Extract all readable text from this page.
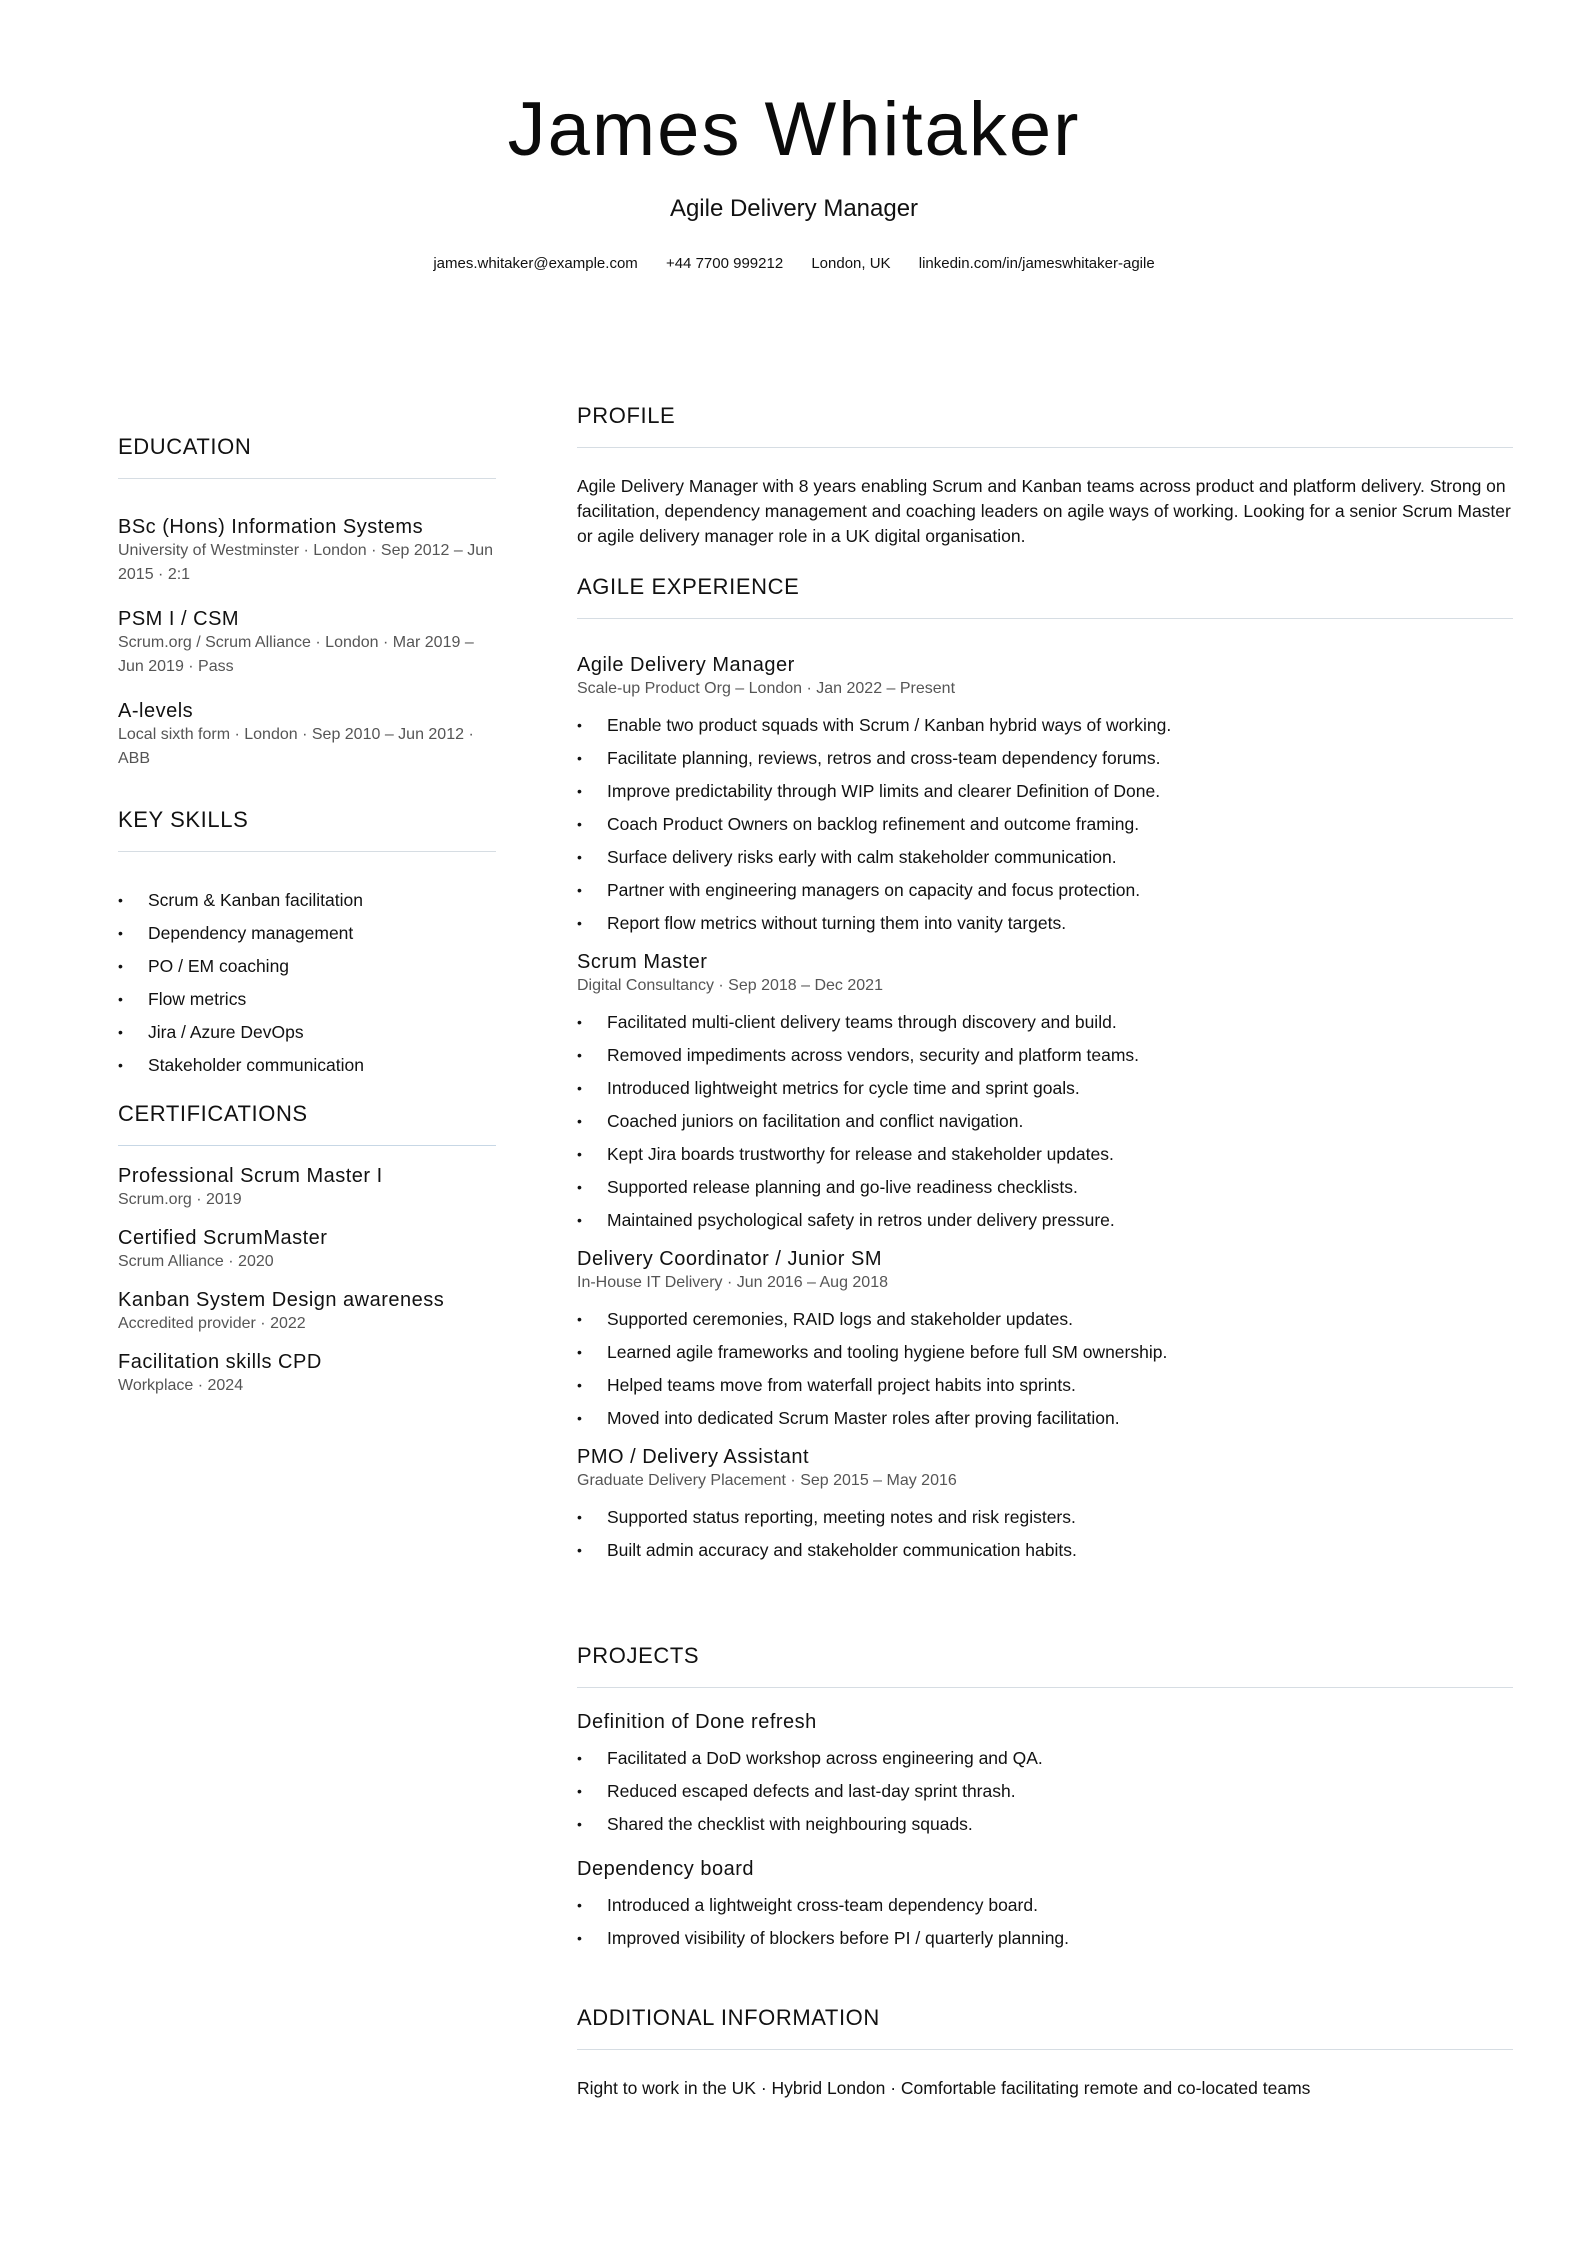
James Whitaker
Agile Delivery Manager
james.whitaker@example.com +44 7700 999212 London, UK linkedin.com/in/jameswhitaker-agile
EDUCATION
BSc (Hons) Information Systems
University of Westminster · London · Sep 2012 – Jun 2015 · 2:1
PSM I / CSM
Scrum.org / Scrum Alliance · London · Mar 2019 – Jun 2019 · Pass
A-levels
Local sixth form · London · Sep 2010 – Jun 2012 · ABB
KEY SKILLS
• Scrum & Kanban facilitation
• Dependency management
• PO / EM coaching
• Flow metrics
• Jira / Azure DevOps
• Stakeholder communication
CERTIFICATIONS
Professional Scrum Master I
Scrum.org · 2019
Certified ScrumMaster
Scrum Alliance · 2020
Kanban System Design awareness
Accredited provider · 2022
Facilitation skills CPD
Workplace · 2024
PROFILE
Agile Delivery Manager with 8 years enabling Scrum and Kanban teams across product and platform delivery. Strong on facilitation, dependency management and coaching leaders on agile ways of working. Looking for a senior Scrum Master or agile delivery manager role in a UK digital organisation.
AGILE EXPERIENCE
Agile Delivery Manager
Scale-up Product Org – London · Jan 2022 – Present
• Enable two product squads with Scrum / Kanban hybrid ways of working.
• Facilitate planning, reviews, retros and cross-team dependency forums.
• Improve predictability through WIP limits and clearer Definition of Done.
• Coach Product Owners on backlog refinement and outcome framing.
• Surface delivery risks early with calm stakeholder communication.
• Partner with engineering managers on capacity and focus protection.
• Report flow metrics without turning them into vanity targets.
Scrum Master
Digital Consultancy · Sep 2018 – Dec 2021
• Facilitated multi-client delivery teams through discovery and build.
• Removed impediments across vendors, security and platform teams.
• Introduced lightweight metrics for cycle time and sprint goals.
• Coached juniors on facilitation and conflict navigation.
• Kept Jira boards trustworthy for release and stakeholder updates.
• Supported release planning and go-live readiness checklists.
• Maintained psychological safety in retros under delivery pressure.
Delivery Coordinator / Junior SM
In-House IT Delivery · Jun 2016 – Aug 2018
• Supported ceremonies, RAID logs and stakeholder updates.
• Learned agile frameworks and tooling hygiene before full SM ownership.
• Helped teams move from waterfall project habits into sprints.
• Moved into dedicated Scrum Master roles after proving facilitation.
PMO / Delivery Assistant
Graduate Delivery Placement · Sep 2015 – May 2016
• Supported status reporting, meeting notes and risk registers.
• Built admin accuracy and stakeholder communication habits.
PROJECTS
Definition of Done refresh
• Facilitated a DoD workshop across engineering and QA.
• Reduced escaped defects and last-day sprint thrash.
• Shared the checklist with neighbouring squads.
Dependency board
• Introduced a lightweight cross-team dependency board.
• Improved visibility of blockers before PI / quarterly planning.
ADDITIONAL INFORMATION
Right to work in the UK · Hybrid London · Comfortable facilitating remote and co-located teams
